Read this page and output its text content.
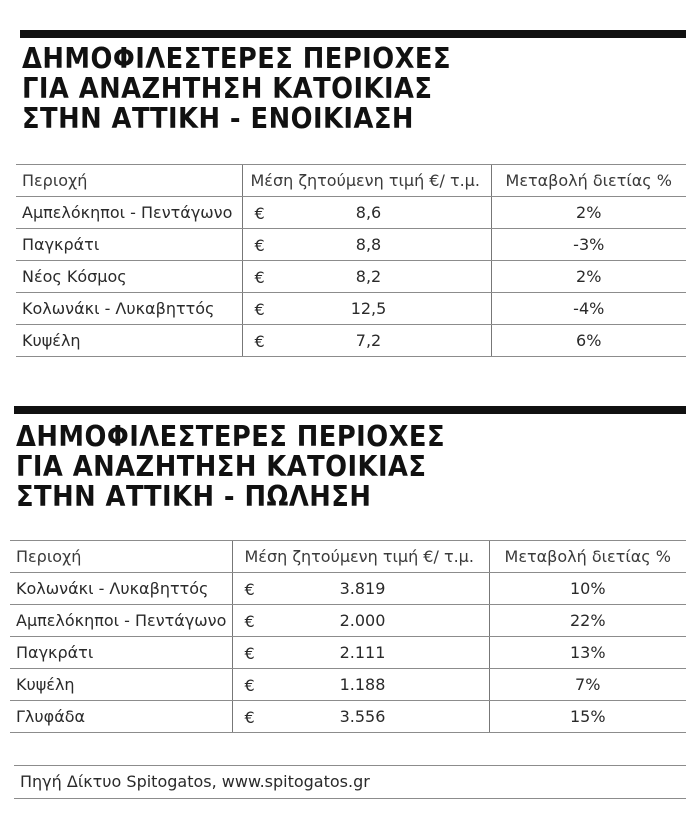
ΔΗΜΟΦΙΛΕΣΤΕΡΕΣ ΠΕΡΙΟΧΕΣ
ΓΙΑ ΑΝΑΖΗΤΗΣΗ ΚΑΤΟΙΚΙΑΣ
ΣΤΗΝ ΑΤΤΙΚΗ - ΕΝΟΙΚΙΑΣΗ
Περιοχή	Μέση ζητούμενη τιμή €/ τ.μ.	Μεταβολή διετίας %
Αμπελόκηποι - Πεντάγωνο	€ 8,6	2%
Παγκράτι	€ 8,8	-3%
Νέος Κόσμος	€ 8,2	2%
Κολωνάκι - Λυκαβηττός	€ 12,5	-4%
Κυψέλη	€ 7,2	6%
ΔΗΜΟΦΙΛΕΣΤΕΡΕΣ ΠΕΡΙΟΧΕΣ
ΓΙΑ ΑΝΑΖΗΤΗΣΗ ΚΑΤΟΙΚΙΑΣ
ΣΤΗΝ ΑΤΤΙΚΗ - ΠΩΛΗΣΗ
Περιοχή	Μέση ζητούμενη τιμή €/ τ.μ.	Μεταβολή διετίας %
Κολωνάκι - Λυκαβηττός	€ 3.819	10%
Αμπελόκηποι - Πεντάγωνο	€ 2.000	22%
Παγκράτι	€ 2.111	13%
Κυψέλη	€ 1.188	7%
Γλυφάδα	€ 3.556	15%
Πηγή Δίκτυο Spitogatos, www.spitogatos.gr
